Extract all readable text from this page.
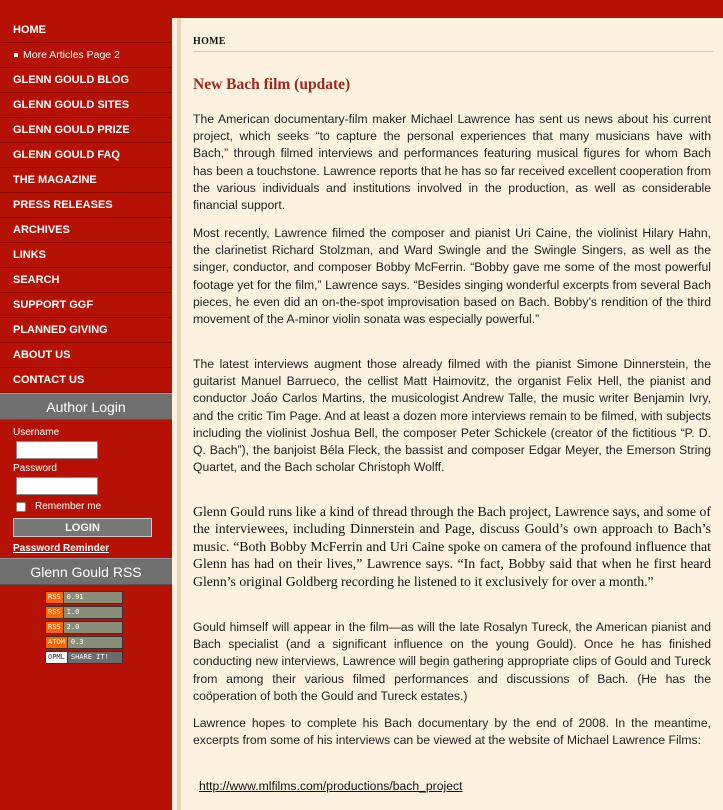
HOME
More Articles Page 2
GLENN GOULD BLOG
GLENN GOULD SITES
GLENN GOULD PRIZE
GLENN GOULD FAQ
THE MAGAZINE
PRESS RELEASES
ARCHIVES
LINKS
SEARCH
SUPPORT GGF
PLANNED GIVING
ABOUT US
CONTACT US
Author Login
Username
Password
Remember me
LOGIN
Password Reminder
Glenn Gould RSS
RSS 0.91
RSS 1.0
RSS 2.0
ATOM 0.3
OPML SHARE IT!
HOME
New Bach film (update)

The American documentary-film maker Michael Lawrence has sent us news about his current project, which seeks “to capture the personal experiences that many musicians have with Bach,” through filmed interviews and performances featuring musical figures for whom Bach has been a touchstone. Lawrence reports that he has so far received excellent cooperation from the various individuals and institutions involved in the production, as well as considerable financial support.

Most recently, Lawrence filmed the composer and pianist Uri Caine, the violinist Hilary Hahn, the clarinetist Richard Stolzman, and Ward Swingle and the Swingle Singers, as well as the singer, conductor, and composer Bobby McFerrin. “Bobby gave me some of the most powerful footage yet for the film,” Lawrence says. “Besides singing wonderful excerpts from several Bach pieces, he even did an on-the-spot improvisation based on Bach. Bobby’s rendition of the third movement of the A-minor violin sonata was especially powerful.”

The latest interviews augment those already filmed with the pianist Simone Dinnerstein, the guitarist Manuel Barrueco, the cellist Matt Haimovitz, the organist Felix Hell, the pianist and conductor Joáo Carlos Martins, the musicologist Andrew Talle, the music writer Benjamin Ivry, and the critic Tim Page. And at least a dozen more interviews remain to be filmed, with subjects including the violinist Joshua Bell, the composer Peter Schickele (creator of the fictitious “P. D. Q. Bach”), the banjoist Béla Fleck, the bassist and composer Edgar Meyer, the Emerson String Quartet, and the Bach scholar Christoph Wolff.

Glenn Gould runs like a kind of thread through the Bach project, Lawrence says, and some of the interviewees, including Dinnerstein and Page, discuss Gould’s own approach to Bach’s music. “Both Bobby McFerrin and Uri Caine spoke on camera of the profound influence that Glenn has had on their lives,” Lawrence says. “In fact, Bobby said that when he first heard Glenn’s original Goldberg recording he listened to it exclusively for over a month.”

Gould himself will appear in the film—as will the late Rosalyn Tureck, the American pianist and Bach specialist (and a significant influence on the young Gould). Once he has finished conducting new interviews, Lawrence will begin gathering appropriate clips of Gould and Tureck from among their various filmed performances and discussions of Bach. (He has the coöperation of both the Gould and Tureck estates.)

Lawrence hopes to complete his Bach documentary by the end of 2008. In the meantime, excerpts from some of his interviews can be viewed at the website of Michael Lawrence Films:

http://www.mlfilms.com/productions/bach_project
